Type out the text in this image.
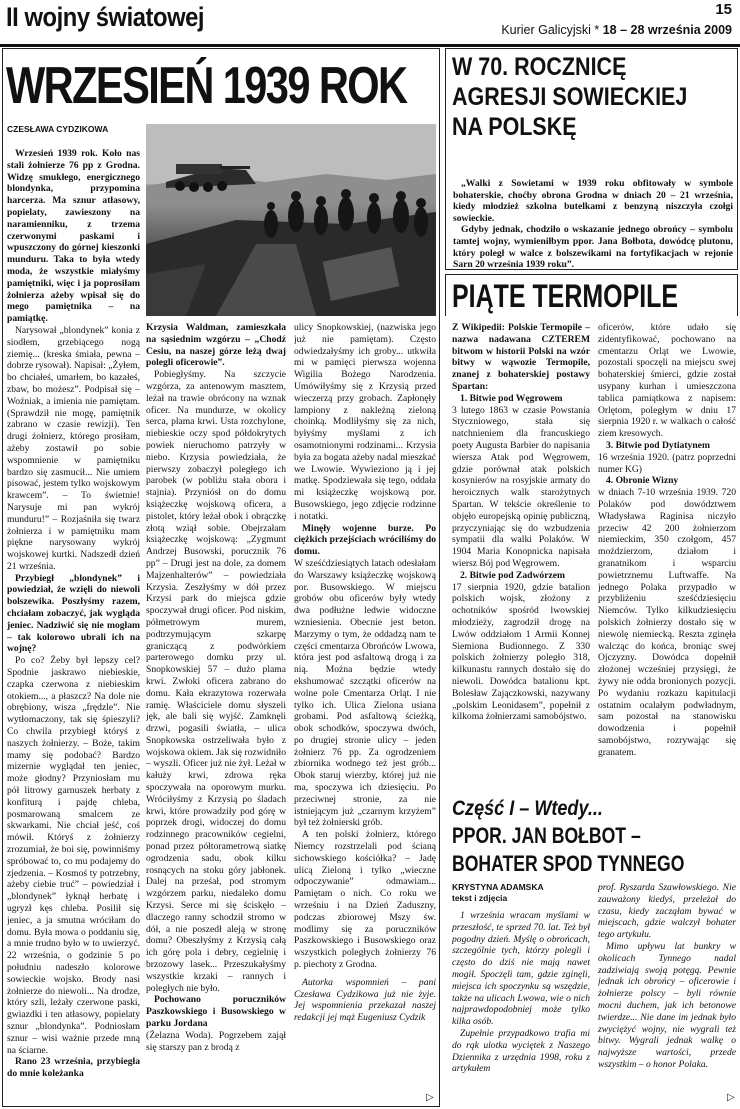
II wojny światowej	15
Kurier Galicyjski * 18 – 28 września 2009
WRZESIEŃ 1939 ROK
CZESŁAWA CYDZIKOWA

Wrzesień 1939 rok. Koło nas stali żołnierze 76 pp z Grodna. Widzę smukłego, energicznego blondynka, przypomina harcerza. Ma sznur atłasowy, popielaty, zawieszony na naramienniku, z trzema czerwonymi paskami i wpuszczony do górnej kieszonki munduru. Taka to była wtedy moda, że wszystkie miałyśmy pamiętniki, więc i ja poprosiłam żołnierza ażeby wpisał się do mego pamiętnika – na pamiątkę.

Narysował „blondynek” konia z siodłem, grzebiącego nogą ziemię... (kreska śmiała, pewna – dobrze rysował). Napisał: „Żyłem, bo chciałeś, umarłem, bo kazałeś, zbaw, bo możesz”. Podpisał się – Woźniak, a imienia nie pamiętam. (Sprawdził nie mogę, pamiętnik zabrano w czasie rewizji). Ten drugi żołnierz, którego prosiłam, ażeby zostawił po sobie wspomnienie w pamiętniku bardzo się zasmucił... Nie umiem pisować, jestem tylko wojskowym krawcem”. – To świetnie! Narysuje mi pan wykrój munduru!” – Rozjaśniła się twarz żołnierza i w pamiętniku mam piękne narysowany wykrój wojskowej kurtki. Nadszedł dzień 21 września.

Przybiegł „blondynek” i powiedział, że wzięli do niewoli bolszewika. Poszłyśmy razem, chciałam zobaczyć, jak wygląda jeniec. Nadziwić się nie mogłam – tak kolorowo ubrali ich na wojnę?

Po co? Żeby był lepszy cel? Spodnie jaskrawo niebieskie, czapka czerwona z niebieskim otokiem..., a płaszcz? Na dole nie obrębiony, wisza „frędzle”. Nie wytłomaczony, tak się śpieszyli? Co chwila przybiegł któryś z naszych żołnierzy. – Boże, takim mamy się podobać? Bardzo mizernie wyglądał ten jeniec, może głodny? Przyniosłam mu pół litrowy garnuszek herbaty z konfiturą i pajdę chleba, posmarowaną smalcem ze skwarkami. Nie chciał jeść, coś mówił. Któryś z żołnierzy zrozumiał, że boi się, powinniśmy spróbować to, co mu podajemy do zjedzenia. – Kosmoś ty potrzebny, ażeby ciebie truć” – powiedział i „blondynek” łyknął herbatę i ugryzł kęs chleba. Posilił się jeniec, a ja smutna wróciłam do domu. Była mowa o poddaniu się, a mnie trudno było w to uwierzyć. 22 września, o godzinie 5 po południu nadeszło kolorowe sowieckie wojsko. Brody nasi żołnierze do niewoli... Na drodze, który szli, leżały czerwone paski, gwiazdki i ten atłasowy, popielaty sznur „blondynka”. Podniosłam sznur – wisi ważnie przede mną na ściarne.

Rano 23 września, przybiegła do mnie koleżanka

Krzysia Waldman, zamieszkała na sąsiednim wzgórzu – „Chodź Cesiu, na naszej górze leżą dwaj polegli oficerowie”.

Pobiegłyśmy. Na szczycie wzgórza, za antenowym masztem, leżał na trawie obrócony na wznak oficer. Na mundurze, w okolicy serca, plama krwi. Usta rozchylone, niebieskie oczy spod półdokrytych powiek nieruchomo patrzyły w niebo. Krzysia powiedziała, że pierwszy zobaczył poległego ich parobek (w pobliżu stała obora i stajnia). Przyniósł on do domu książeczkę wojskową oficera, a pistolet, który leżał obok i obrączkę złotą wziął sobie. Obejrzałam książeczkę wojskową: „Zygmunt Andrzej Busowski, porucznik 76 pp” – Drugi jest na dole, za domem Majzenhalterów” – powiedziała Krzysia. Zeszłyśmy w dół przez Krzysi park do miejsca gdzie spoczywał drugi oficer. Pod niskim, półmetrowym murem, podtrzymującym szkarpę graniczącą z podwórkiem parterowego domku przy ul. Snopkowskiej 57 – dużo plama krwi. Zwłoki oficera zabrano do domu. Kała ekrazytowa rozerwała ramię. Właściciele domu słyszeli jęk, ale bali się wyjść. Zamknęli drzwi, pogasili światła, – ulica Snopkowska ostrzeliwała było z wojskowa okiem. Jak się rozwidniło – wyszli. Oficer już nie żył. Leżał w kałuży krwi, zdrowa ręka spoczywała na oporowym murku. Wróciłyśmy z Krzysią po śladach krwi, które prowadziły pod górę w poprzek drogi, widoczej do domu rodzinnego pracowników cegielni, ponad przez półtorametrową siatkę ogrodzenia sadu, obok kilku rosnących na stoku góry jabłonek. Dalej na prześał, pod stromym wzgórzem parku, niedaleko domu Krzysi. Serce mi się ściskęło – dlaczego ranny schodził stromo w dół, a nie poszedł aleją w stronę domu? Obeszłyśmy z Krzysią całą ich górę pola i debry, cegielnię i brzozowy lasek... Przeszukałyśmy wszystkie krzaki – rannych i poległych nie było.

Pochowano poruczników Paszkowskiego i Busowskiego w parku Jordana

(Żelazna Woda). Pogrzebem zajął się starszy pan z brodą z

ulicy Snopkowskiej, (nazwiska jego już nie pamiętam). Często odwiedzałyśmy ich groby... utkwiła mi w pamięci pierwsza wojenna Wigilia Bożego Narodzenia. Umówiłyśmy się z Krzysią przed wieczerzą przy grobach. Zapłonęły lampiony z nakleżną zieloną choinką. Modliłyśmy się za nich, byłyśmy myślami z ich osamotnionymi rodzinami... Krzysia była za bogata ażeby nadal mieszkać we Lwowie. Wywieziono ją i jej matkę. Spodziewała się tego, oddała mi książeczkę wojskową por. Busowskiego, jego zdjęcie rodzinne i notatki.

Minęły wojenne burze. Po ciężkich przejściach wróciliśmy do domu.

W sześćdziesiątych latach odesłałam do Warszawy książeczkę wojskową por. Busowskiego. W miejscu grobów obu oficerów były wtedy dwa podłużne ledwie widoczne wzniesienia. Obecnie jest beton. Marzymy o tym, że oddadzą nam te części cmentarza Obrońców Lwowa, która jest pod asfaltową drogą i za nią. Można będzie wtedy ekshumować szczątki oficerów na wolne pole Cmentarza Orląt. I nie tylko ich. Ulica Zielona usiana grobami. Pod asfaltową ścieżką, obok schodków, spoczywa dwóch, po drugiej stronie ulicy – jeden żołnierz 76 pp. Za ogrodzeniem zbiornika wodnego też jest grób... Obok staruj wierzby, której już nie ma, spoczywa ich dziesięciu. Po przeciwnej stronie, za nie istniejącym już „czarnym krzyżem” był też żołnierski grób.

A ten polski żołnierz, którego Niemcy rozstrzelali pod ścianą sichowskiego kościółka? – Jadę ulicą Zieloną i tylko „wieczne odpoczywanie” odmawiam... Pamiętam o nich. Co roku we wrześniu i na Dzień Zaduszny, podczas zbiorowej Mszy św. modlimy się za poruczników Paszkowskiego i Busowskiego oraz wszystkich poległych żołnierzy 76 p. piechoty z Grodna.

Autorka wspomnień – pani Czesława Cydzikowa już nie żyje. Jej wspomnienia przekazał naszej redakcji jej mąż Eugeniusz Cydzik

W 70. ROCZNICĘ
AGRESJI SOWIECKIEJ
NA POLSKĘ

„Walki z Sowietami w 1939 roku obfitowały w symbole bohaterskie, choćby obrona Grodna w dniach 20 – 21 września, kiedy młodzież szkolna butelkami z benzyną niszczyła czołgi sowieckie.

Gdyby jednak, chodziło o wskazanie jednego obrońcy – symbolu tamtej wojny, wymieniłbym ppor. Jana Bołbota, dowódcę plutonu, który poległ w walce z bolszewikami na fortyfikacjach w rejonie Sarn 20 września 1939 roku”.

PIĄTE TERMOPILE

Z Wikipedii: Polskie Termopile – nazwa nadawana CZTEREM bitwom w historii Polski na wzór bitwy w wąwozie Termopile, znanej z bohaterskiej postawy Spartan:

1. Bitwie pod Węgrowem

3 lutego 1863 w czasie Powstania Styczniowego, stała się natchnieniem dla francuskiego poety Augusta Barbier do napisania wiersza Atak pod Węgrowem, gdzie porównał atak polskich kosynierów na rosyjskie armaty do heroicznych walk starożytnych Spartan. W tekście określenie to objęło europejską opinię publiczną, przyczyniając się do wzbudzenia sympatii dla walki Polaków. W 1904 Maria Konopnicka napisała wiersz Bój pod Węgrowem.

2. Bitwie pod Zadwórzem

17 sierpnia 1920, gdzie batalion polskich wojsk, złożony z ochotników spośród lwowskiej młodzieży, zagrodził drogę na Lwów oddziałom 1 Armii Konnej Siemiona Budionnego. Z 330 polskich żołnierzy poległo 318, kilkunastu rannych dostało się do niewoli. Dowódca batalionu kpt. Bolesław Zajączkowski, nazywany „polskim Leonidasem”, popełnił z kilkoma żołnierzami samobójstwo.

oficerów, które udało się zidentyfikować, pochowano na cmentarzu Orląt we Lwowie, pozostali spoczęli na miejscu swej bohaterskiej śmierci, gdzie został usypany kurhan i umieszczona tablica pamiątkowa z napisem: Orlętom, poległym w dniu 17 sierpnia 1920 r. w walkach o całość ziem kresowych.

3. Bitwie pod Dytiatynem

16 września 1920. (patrz poprzedni numer KG)

4. Obronie Wizny

w dniach 7-10 września 1939. 720 Polaków pod dowództwem Władysława Raginisa niczyło przeciw 42 200 żołnierzom niemieckim, 350 czołgom, 457 moździerzom, działom i granatnikom i wsparciu powietrznemu Luftwaffe. Na jednego Polaka przypadło w przybliżeniu sześćdziesięciu Niemców. Tylko kilkudziesięciu polskich żołnierzy dostało się w niewolę niemiecką. Reszta zginęła walcząc do końca, broniąc swej Ojczyzny. Dowódca dopełnił złożonej wcześniej przysięgi, że żywy nie odda bronionych pozycji. Po wydaniu rozkazu kapitulacji ostatnim ocalałym podwładnym, sam pozostał na stanowisku dowodzenia i popełnił samobójstwo, rozrywając się granatem.

Część I – Wtedy...
PPOR. JAN BOŁBOT –
BOHATER SPOD TYNNEGO
KRYSTYNA ADAMSKA
tekst i zdjęcia

1 września wracam myślami w przeszłość, te sprzed 70. lat. Też był pogodny dzień. Myślę o obrońcach, szczególnie tych, którzy polegli i często do dziś nie mają nawet mogił. Spoczęli tam, gdzie zginęli, miejsca ich spoczynku są wszędzie, także na ulicach Lwowa, wie o nich najprawdopodobniej może tylko kilka osób.

Zupełnie przypadkowo trafia mi do rąk ulotka wyciętek z Naszego Dziennika z urzędnia 1998, roku z artykułem

prof. Ryszarda Szawłowskiego. Nie zauważony kiedyś, przeleżał do czasu, kiedy zacząłam bywać w miejscach, gdzie walczył bohater tego artykułu.

Mimo upływu lat bunkry w okolicach Tynnego nadal zadziwiają swoją potęgą. Pewnie jednak ich obrońcy – oficerowie i żołnierze polscy – byli równie mocni duchem, jak ich betonowe twierdze... Nie dane im jednak było zwyciężyć wojny, nie wygrali też bitwy. Wygrali jednak walkę o najwyższe wartości, przede wszystkim – o honor Polaka.

▷	▷
